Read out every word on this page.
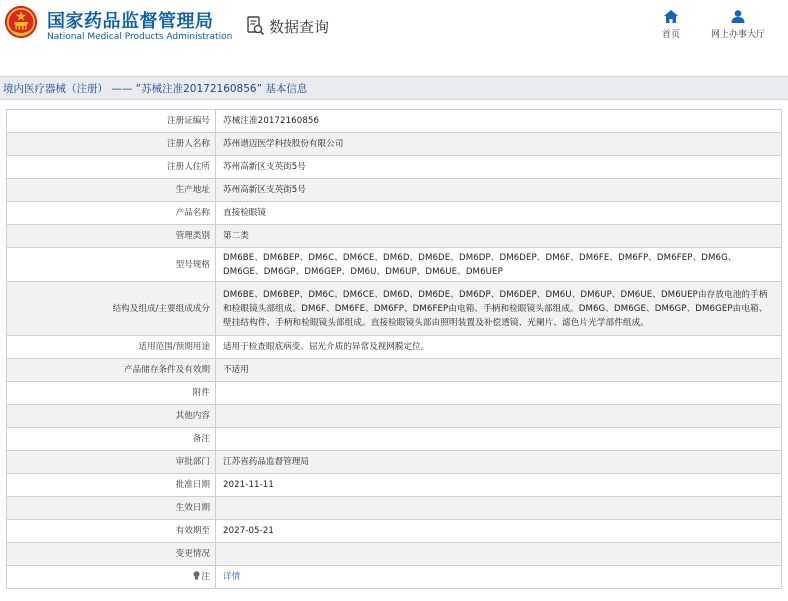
国家药品监督管理局
National Medical Products Administration
数据查询	首页	网上办事大厅
境内医疗器械（注册） —— “苏械注准20172160856” 基本信息
注册证编号	苏械注准20172160856
注册人名称	苏州谱迈医学科技股份有限公司
注册人住所	苏州高新区支英街5号
生产地址	苏州高新区支英街5号
产品名称	直接检眼镜
管理类别	第二类
型号规格	DM6BE、DM6BEP、DM6C、DM6CE、DM6D、DM6DE、DM6DP、DM6DEP、DM6F、DM6FE、DM6FP、DM6FEP、DM6G、DM6GE、DM6GP、DM6GEP、DM6U、DM6UP、DM6UE、DM6UEP
结构及组成/主要组成成分	DM6BE、DM6BEP、DM6C、DM6CE、DM6D、DM6DE、DM6DP、DM6DEP、DM6U、DM6UP、DM6UE、DM6UEP由存放电池的手柄和检眼镜头部组成。DM6F、DM6FE、DM6FP、DM6FEP由电箱、手柄和检眼镜头部组成。DM6G、DM6GE、DM6GP、DM6GEP由电箱、壁挂结构件、手柄和检眼镜头部组成。直接检眼镜头部由照明装置及补偿透镜、光阑片、滤色片光学部件组成。
适用范围/预期用途	适用于检查眼底病变、屈光介质的异常及视网膜定位。
产品储存条件及有效期	不适用
附件	
其他内容	
备注	
审批部门	江苏省药品监督管理局
批准日期	2021-11-11
生效日期	
有效期至	2027-05-21
变更情况	
注	详情
